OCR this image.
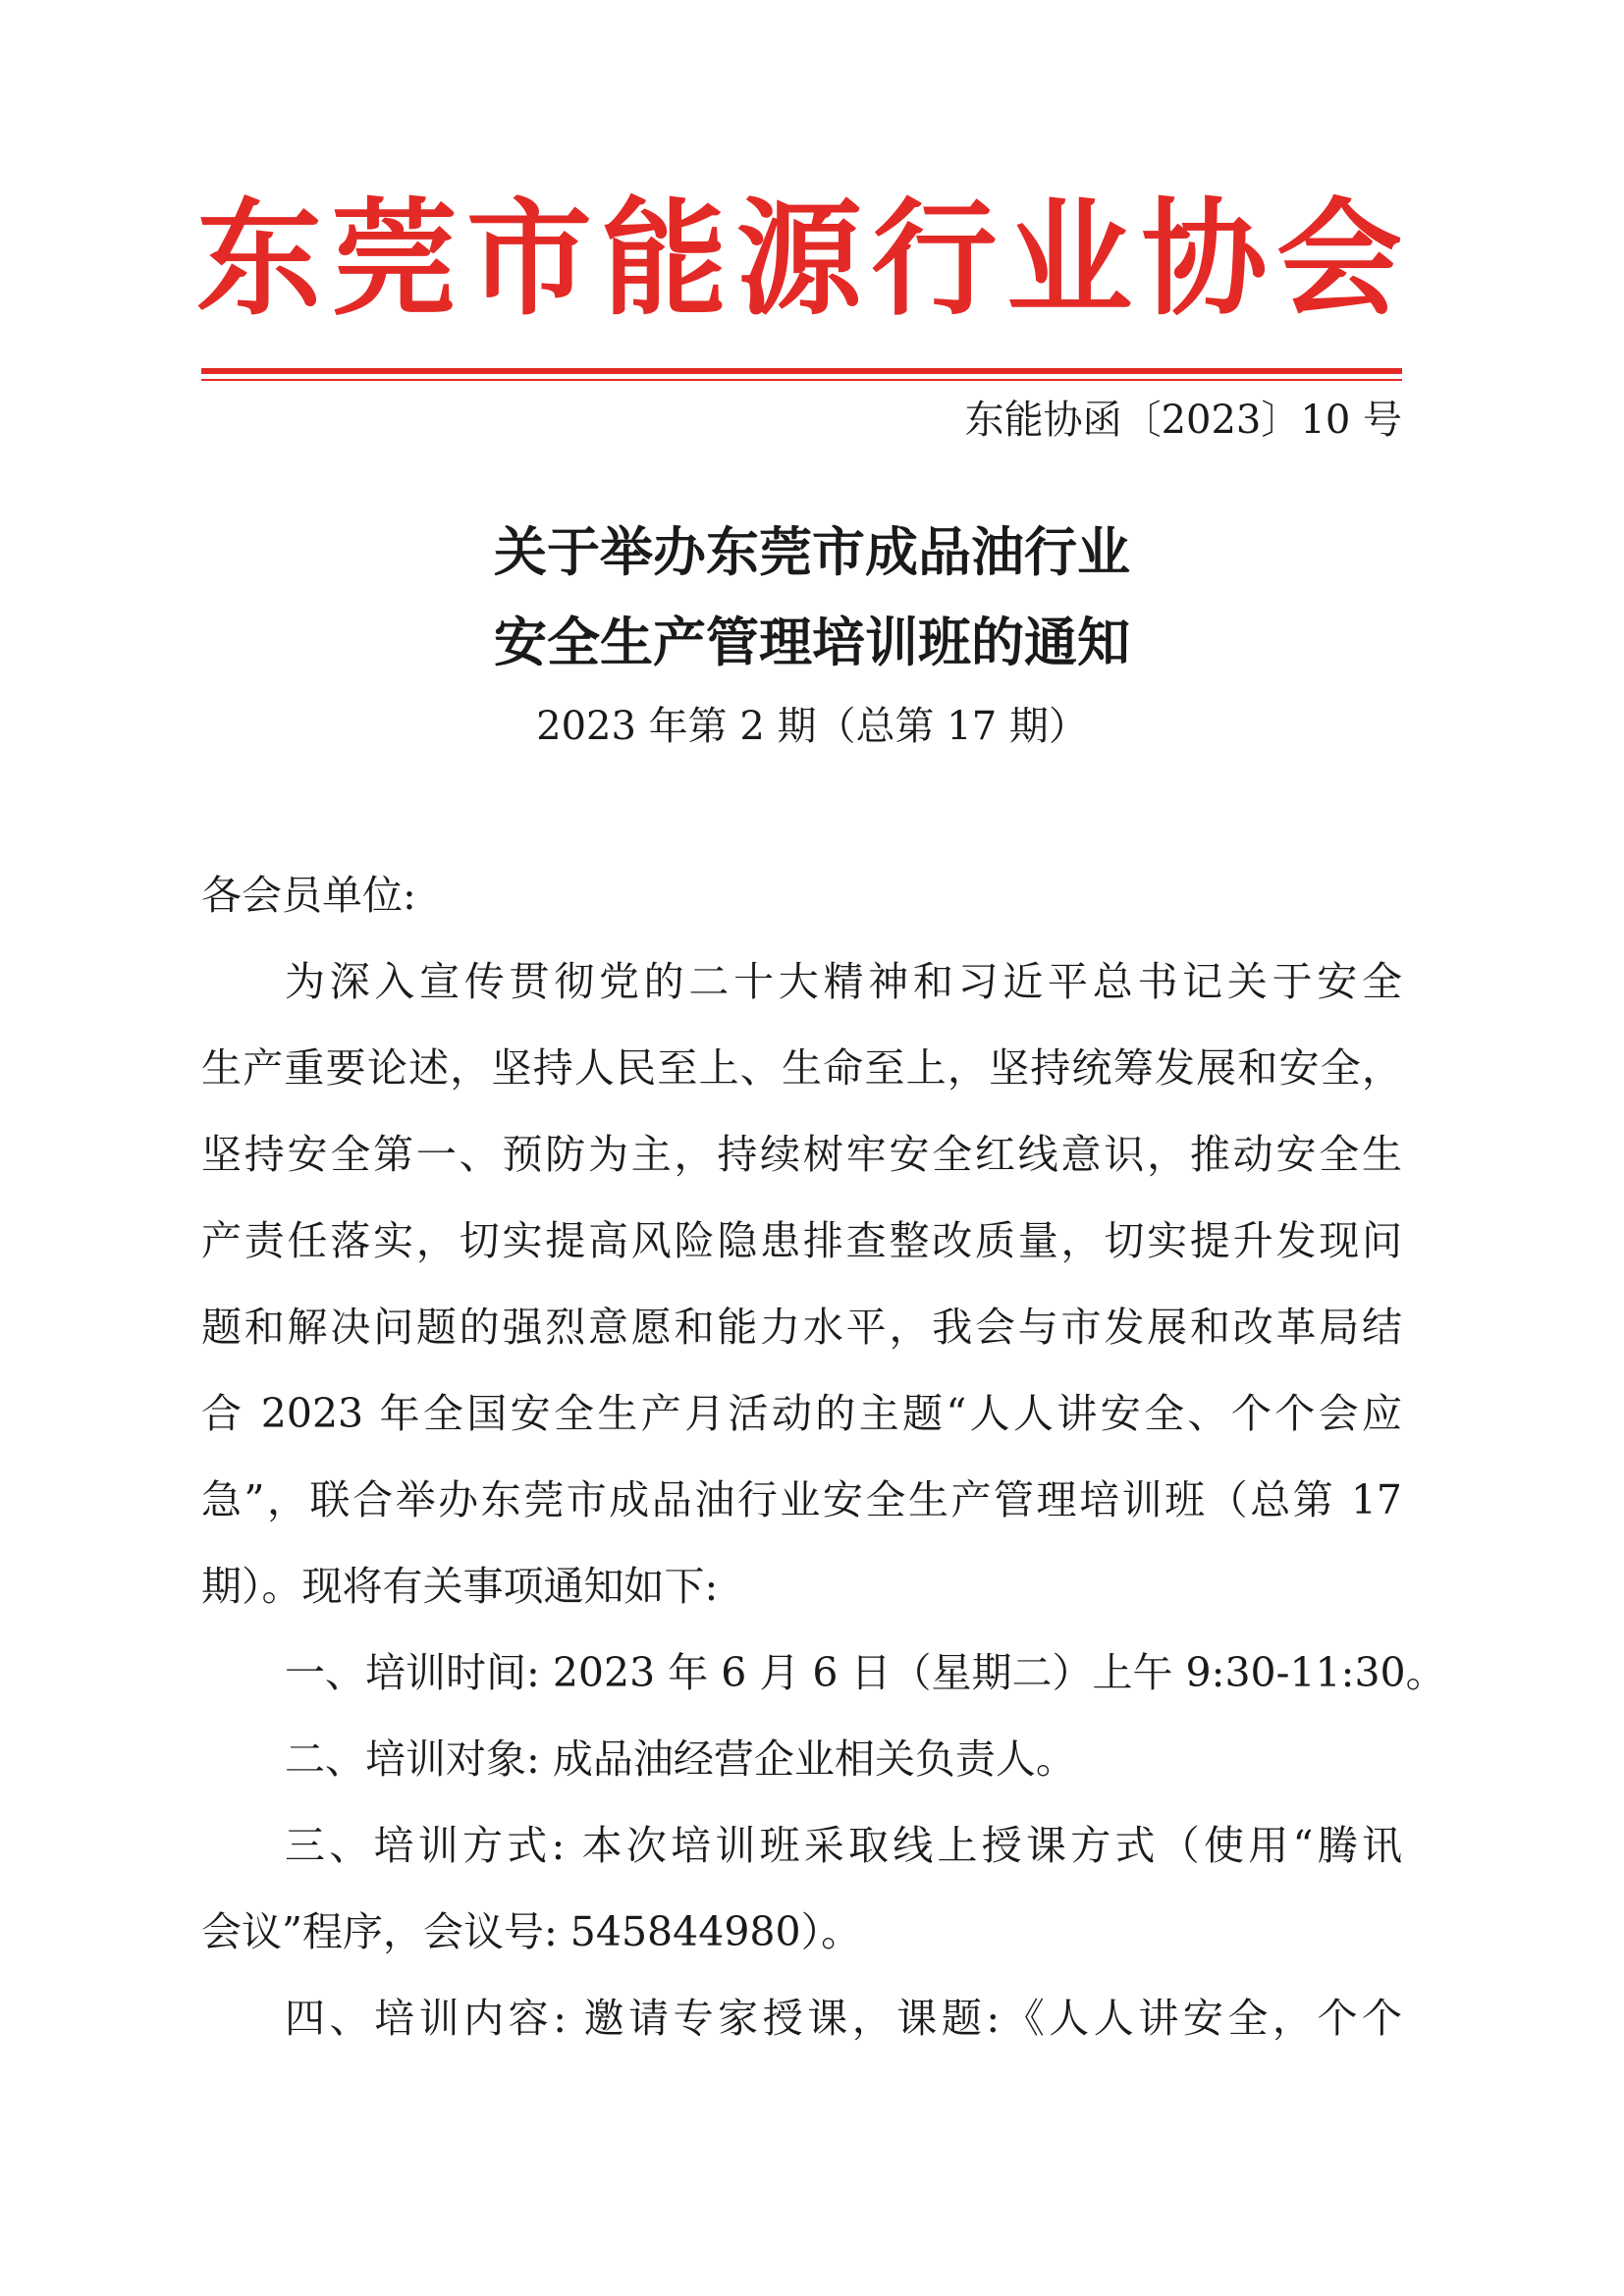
东 莞 市 能 源 行 业 协 会
东能协函〔2023〕10 号
关于举办东莞市成品油行业
安全生产管理培训班的通知
2023 年第 2 期（总第 17 期）
各会员单位:
为深入宣传贯彻党的二十大精神和习近平总书记关于安全
生产重要论述，坚持人民至上、生命至上，坚持统筹发展和安全，
坚持安全第一、预防为主，持续树牢安全红线意识，推动安全生
产责任落实，切实提高风险隐患排查整改质量，切实提升发现问
题和解决问题的强烈意愿和能力水平，我会与市发展和改革局结
合 2023 年全国安全生产月活动的主题“人人讲安全、个个会应
急”，联合举办东莞市成品油行业安全生产管理培训班（总第 17
期）。现将有关事项通知如下:
一、培训时间: 2023 年 6 月 6 日（星期二）上午 9:30-11:30。
二、培训对象: 成品油经营企业相关负责人。
三、培训方式: 本次培训班采取线上授课方式（使用“腾讯
会议”程序，会议号: 545844980）。
四、培训内容: 邀请专家授课，课题:《人人讲安全，个个
